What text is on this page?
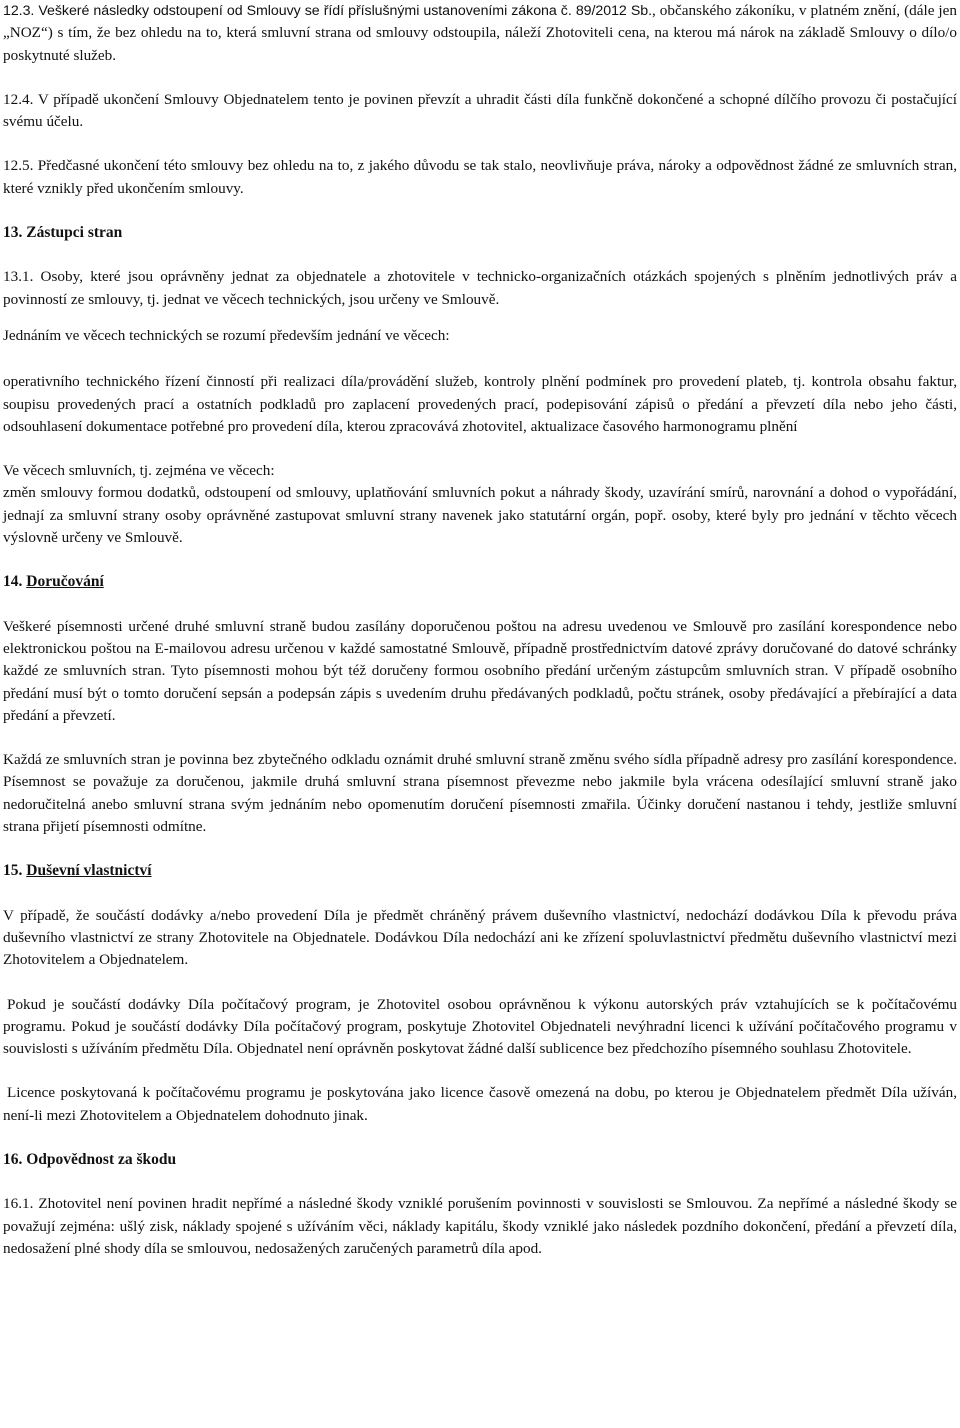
12.3. Veškeré následky odstoupení od Smlouvy se řídí příslušnými ustanoveními zákona č. 89/2012 Sb., občanského zákoníku, v platném znění, (dále jen „NOZ“) s tím, že bez ohledu na to, která smluvní strana od smlouvy odstoupila, náleží Zhotoviteli cena, na kterou má nárok na základě Smlouvy o dílo/o poskytnuté služeb.

12.4. V případě ukončení Smlouvy Objednatelem tento je povinen převzít a uhradit části díla funkčně dokončené a schopné dílčího provozu či postačující svému účelu.

12.5. Předčasné ukončení této smlouvy bez ohledu na to, z jakého důvodu se tak stalo, neovlivňuje práva, nároky a odpovědnost žádné ze smluvních stran, které vznikly před ukončením smlouvy.

13. Zástupci stran

13.1. Osoby, které jsou oprávněny jednat za objednatele a zhotovitele v technicko-organizačních otázkách spojených s plněním jednotlivých práv a povinností ze smlouvy, tj. jednat ve věcech technických, jsou určeny ve Smlouvě.

Jednáním ve věcech technických se rozumí především jednání ve věcech:

operativního technického řízení činností při realizaci díla/provádění služeb, kontroly plnění podmínek pro provedení plateb, tj. kontrola obsahu faktur, soupisu provedených prací a ostatních podkladů pro zaplacení provedených prací, podepisování zápisů o předání a převzetí díla nebo jeho části, odsouhlasení dokumentace potřebné pro provedení díla, kterou zpracovává zhotovitel, aktualizace časového harmonogramu plnění

Ve věcech smluvních, tj. zejména ve věcech:

změn smlouvy formou dodatků, odstoupení od smlouvy, uplatňování smluvních pokut a náhrady škody, uzavírání smírů, narovnání a dohod o vypořádání, jednají za smluvní strany osoby oprávněné zastupovat smluvní strany navenek jako statutární orgán, popř. osoby, které byly pro jednání v těchto věcech výslovně určeny ve Smlouvě.

14. Doručování

Veškeré písemnosti určené druhé smluvní straně budou zasílány doporučenou poštou na adresu uvedenou ve Smlouvě pro zasílání korespondence nebo elektronickou poštou na E-mailovou adresu určenou v každé samostatné Smlouvě, případně prostřednictvím datové zprávy doručované do datové schránky každé ze smluvních stran. Tyto písemnosti mohou být též doručeny formou osobního předání určeným zástupcům smluvních stran. V případě osobního předání musí být o tomto doručení sepsán a podepsán zápis s uvedením druhu předávaných podkladů, počtu stránek, osoby předávající a přebírající a data předání a převzetí.

Každá ze smluvních stran je povinna bez zbytečného odkladu oznámit druhé smluvní straně změnu svého sídla případně adresy pro zasílání korespondence. Písemnost se považuje za doručenou, jakmile druhá smluvní strana písemnost převezme nebo jakmile byla vrácena odesílající smluvní straně jako nedoručitelná anebo smluvní strana svým jednáním nebo opomenutím doručení písemnosti zmařila. Účinky doručení nastanou i tehdy, jestliže smluvní strana přijetí písemnosti odmítne.

15. Duševní vlastnictví

V případě, že součástí dodávky a/nebo provedení Díla je předmět chráněný právem duševního vlastnictví, nedochází dodávkou Díla k převodu práva duševního vlastnictví ze strany Zhotovitele na Objednatele. Dodávkou Díla nedochází ani ke zřízení spoluvlastnictví předmětu duševního vlastnictví mezi Zhotovitelem a Objednatelem.

Pokud je součástí dodávky Díla počítačový program, je Zhotovitel osobou oprávněnou k výkonu autorských práv vztahujících se k počítačovému programu. Pokud je součástí dodávky Díla počítačový program, poskytuje Zhotovitel Objednateli nevýhradní licenci k užívání počítačového programu v souvislosti s užíváním předmětu Díla. Objednatel není oprávněn poskytovat žádné další sublicence bez předchozího písemného souhlasu Zhotovitele.

Licence poskytovaná k počítačovému programu je poskytována jako licence časově omezená na dobu, po kterou je Objednatelem předmět Díla užíván, není-li mezi Zhotovitelem a Objednatelem dohodnuto jinak.

16. Odpovědnost za škodu

16.1. Zhotovitel není povinen hradit nepřímé a následné škody vzniklé porušením povinnosti v souvislosti se Smlouvou. Za nepřímé a následné škody se považují zejména: ušlý zisk, náklady spojené s užíváním věci, náklady kapitálu, škody vzniklé jako následek pozdního dokončení, předání a převzetí díla, nedosažení plné shody díla se smlouvou, nedosažených zaručených parametrů díla apod.
